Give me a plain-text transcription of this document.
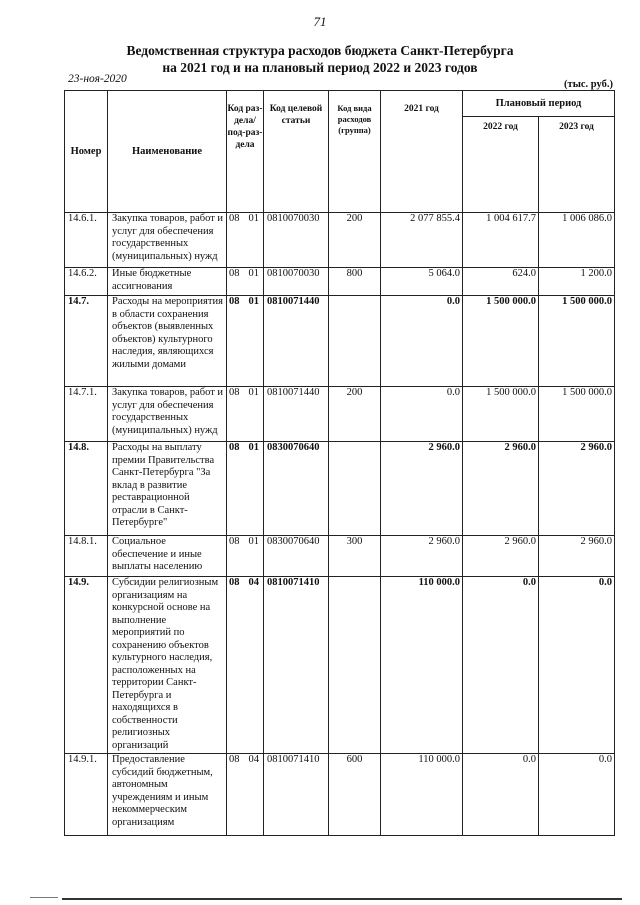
71
Ведомственная структура расходов бюджета Санкт-Петербурга
на 2021 год и на плановый период 2022 и 2023 годов
23-ноя-2020	(тыс. руб.)
Номер	Наименование	Код раз-дела/ под-раз-дела	Код целевой статьи	Код вида расходов (группа)	2021 год	Плановый период	
						2022 год	2023 год
14.6.1.	Закупка товаров, работ и услуг для обеспечения государственных (муниципальных) нужд	08 01	0810070030	200	2 077 855.4	1 004 617.7	1 006 086.0
14.6.2.	Иные бюджетные ассигнования	08 01	0810070030	800	5 064.0	624.0	1 200.0
14.7.	Расходы на мероприятия в области сохранения объектов (выявленных объектов) культурного наследия, являющихся жилыми домами	08 01	0810071440		0.0	1 500 000.0	1 500 000.0
14.7.1.	Закупка товаров, работ и услуг для обеспечения государственных (муниципальных) нужд	08 01	0810071440	200	0.0	1 500 000.0	1 500 000.0
14.8.	Расходы на выплату премии Правительства Санкт-Петербурга "За вклад в развитие реставрационной отрасли в Санкт-Петербурге"	08 01	0830070640		2 960.0	2 960.0	2 960.0
14.8.1.	Социальное обеспечение и иные выплаты населению	08 01	0830070640	300	2 960.0	2 960.0	2 960.0
14.9.	Субсидии религиозным организациям на конкурсной основе на выполнение мероприятий по сохранению объектов культурного наследия, расположенных на территории Санкт-Петербурга и находящихся в собственности религиозных организаций	08 04	0810071410		110 000.0	0.0	0.0
14.9.1.	Предоставление субсидий бюджетным, автономным учреждениям и иным некоммерческим организациям	08 04	0810071410	600	110 000.0	0.0	0.0
